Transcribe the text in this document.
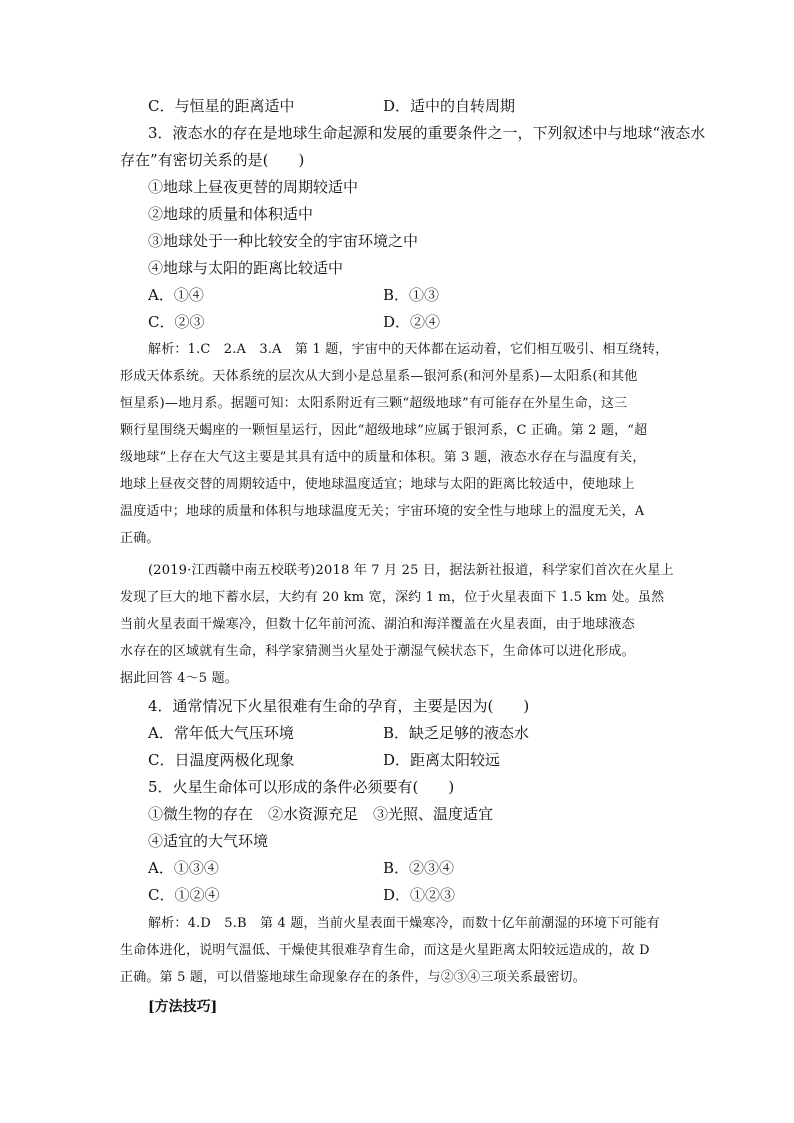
C．与恒星的距离适中	D．适中的自转周期
3．液态水的存在是地球生命起源和发展的重要条件之一，下列叙述中与地球“液态水
存在”有密切关系的是(　　)
①地球上昼夜更替的周期较适中
②地球的质量和体积适中
③地球处于一种比较安全的宇宙环境之中
④地球与太阳的距离比较适中
A．①④	B．①③
C．②③	D．②④
解析：1.C　2.A　3.A　第 1 题，宇宙中的天体都在运动着，它们相互吸引、相互绕转，
形成天体系统。天体系统的层次从大到小是总星系—银河系(和河外星系)—太阳系(和其他
恒星系)—地月系。据题可知：太阳系附近有三颗“超级地球”有可能存在外星生命，这三
颗行星围绕天蝎座的一颗恒星运行，因此“超级地球”应属于银河系，C 正确。第 2 题，“超
级地球”上存在大气这主要是其具有适中的质量和体积。第 3 题，液态水存在与温度有关，
地球上昼夜交替的周期较适中，使地球温度适宜；地球与太阳的距离比较适中，使地球上
温度适中；地球的质量和体积与地球温度无关；宇宙环境的安全性与地球上的温度无关，A
正确。
(2019·江西赣中南五校联考)2018 年 7 月 25 日，据法新社报道，科学家们首次在火星上
发现了巨大的地下蓄水层，大约有 20 km 宽，深约 1 m，位于火星表面下 1.5 km 处。虽然
当前火星表面干燥寒冷，但数十亿年前河流、湖泊和海洋覆盖在火星表面，由于地球液态
水存在的区域就有生命，科学家猜测当火星处于潮湿气候状态下，生命体可以进化形成。
据此回答 4～5 题。
4．通常情况下火星很难有生命的孕育，主要是因为(　　)
A．常年低大气压环境	B．缺乏足够的液态水
C．日温度两极化现象	D．距离太阳较远
5．火星生命体可以形成的条件必须要有(　　)
①微生物的存在　②水资源充足　③光照、温度适宜
④适宜的大气环境
A．①③④	B．②③④
C．①②④	D．①②③
解析：4.D　5.B　第 4 题，当前火星表面干燥寒冷，而数十亿年前潮湿的环境下可能有
生命体进化，说明气温低、干燥使其很难孕育生命，而这是火星距离太阳较远造成的，故 D
正确。第 5 题，可以借鉴地球生命现象存在的条件，与②③④三项关系最密切。
[方法技巧]
